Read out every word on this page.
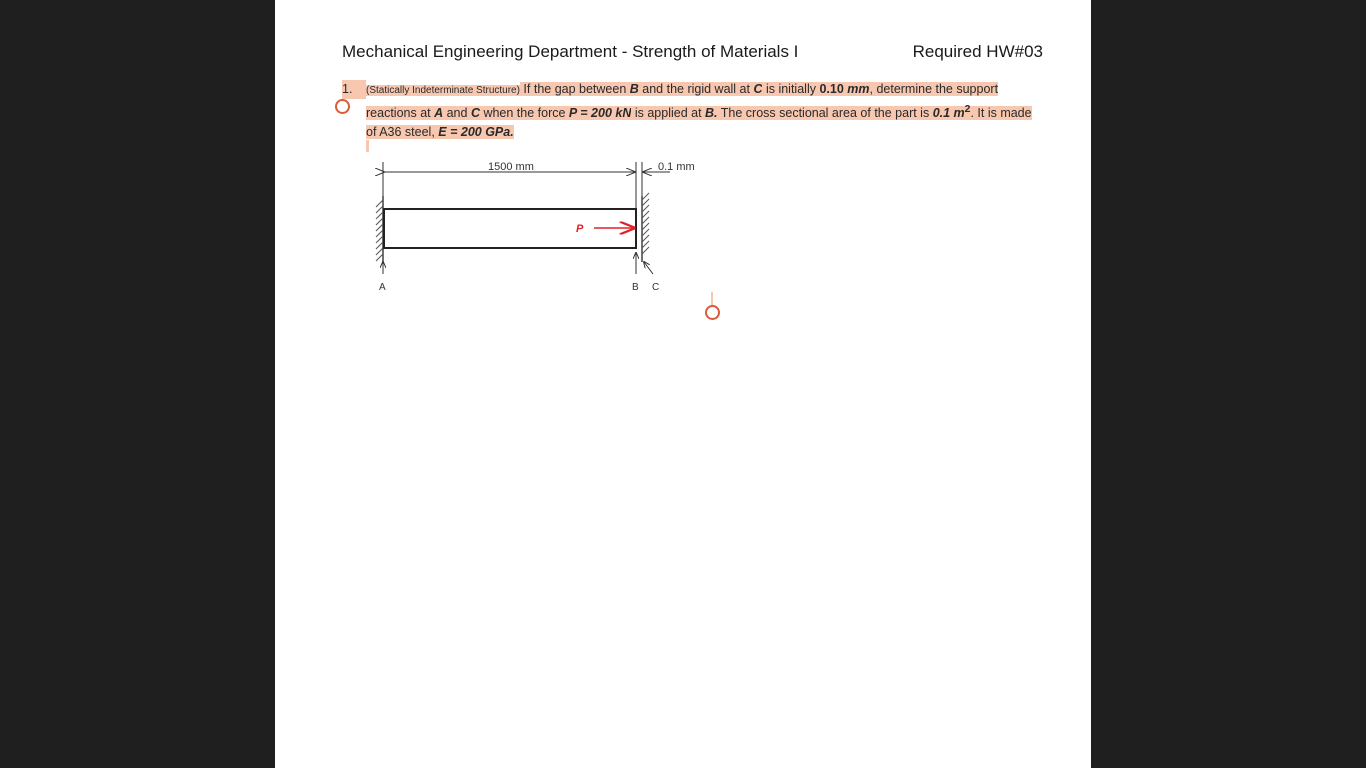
Mechanical Engineering Department - Strength of Materials I	Required HW#03
1.	(Statically Indeterminate Structure) If the gap between B and the rigid wall at C is initially 0.10 mm, determine the support reactions at A and C when the force P = 200 kN is applied at B. The cross sectional area of the part is 0.1 $m^2$. It is made of A36 steel, E = 200 GPa.
1500 mm	0.1 mm
P
A	B C
